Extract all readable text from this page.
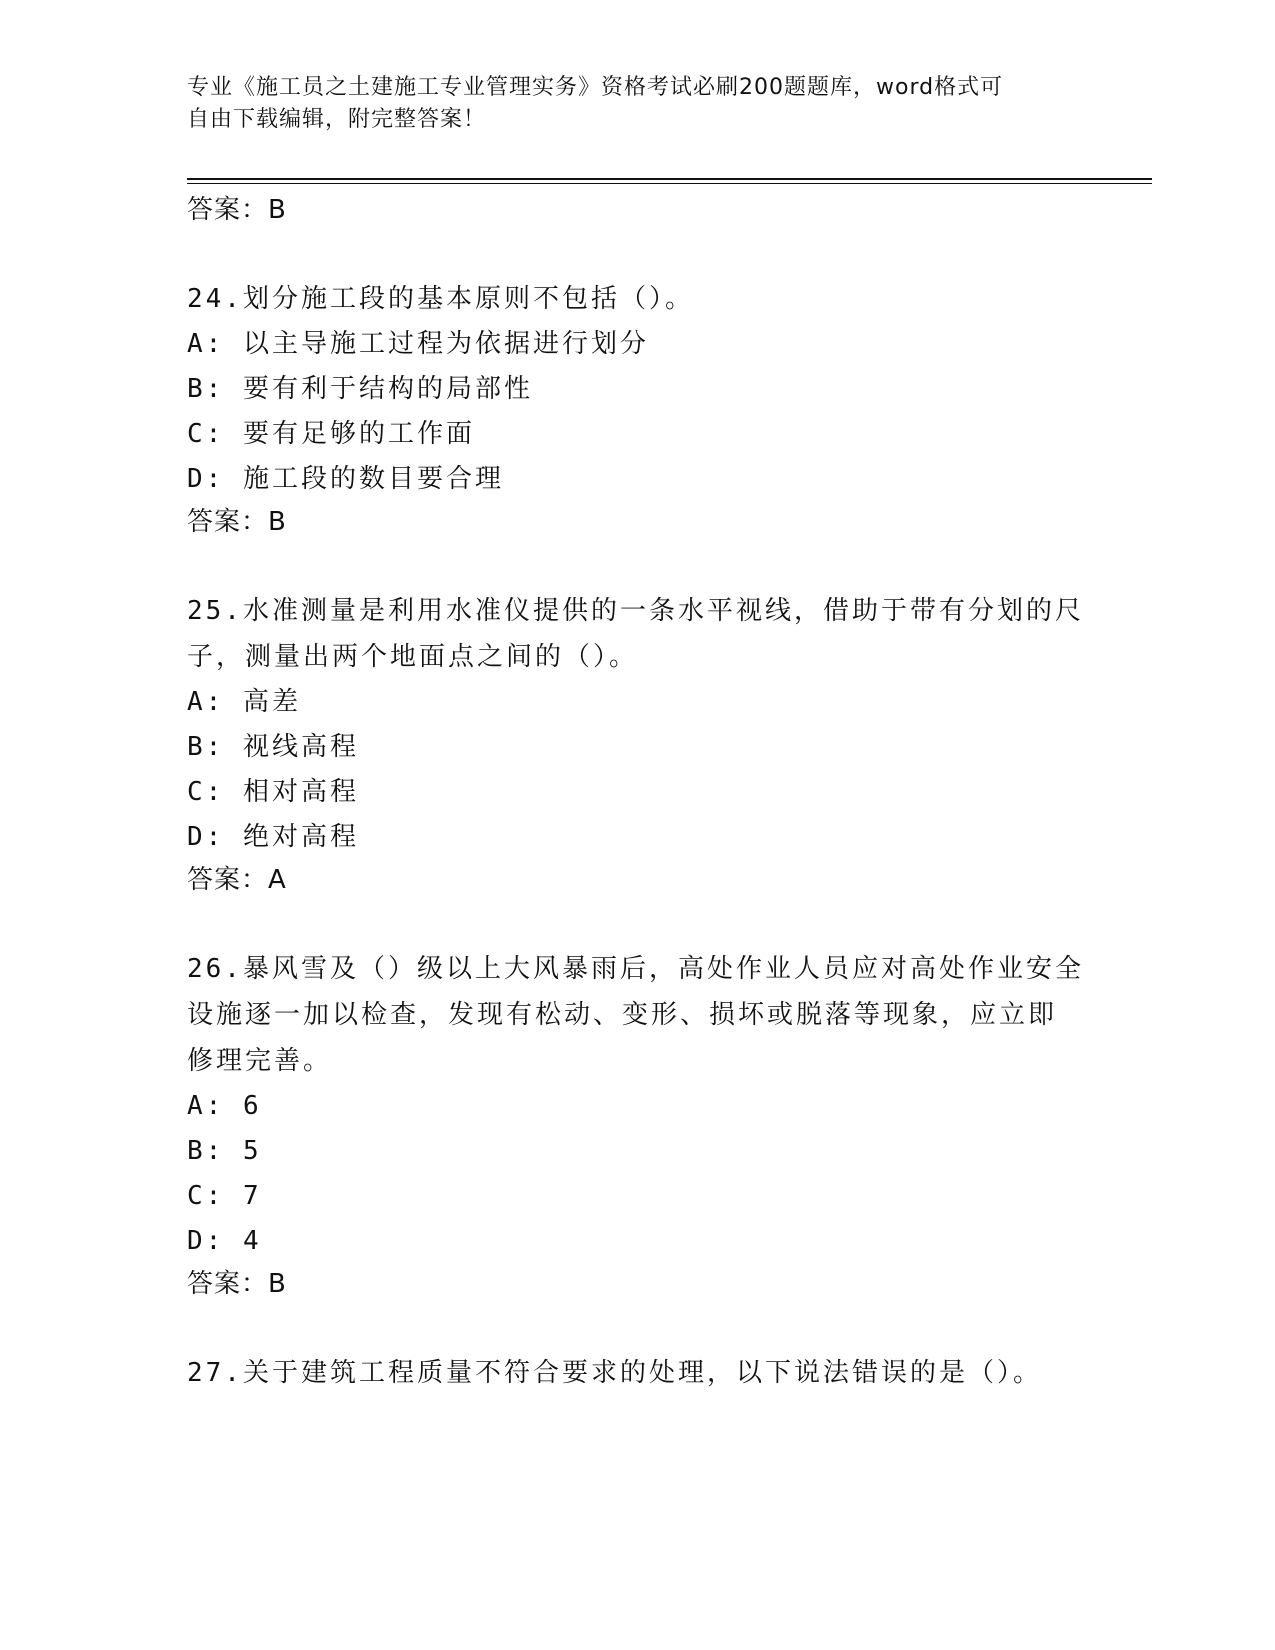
专业《施工员之土建施工专业管理实务》资格考试必刷200题题库，word格式可
自由下载编辑，附完整答案！
答案：B
24.划分施工段的基本原则不包括（）。
A: 以主导施工过程为依据进行划分
B: 要有利于结构的局部性
C: 要有足够的工作面
D: 施工段的数目要合理
答案：B
25.水准测量是利用水准仪提供的一条水平视线，借助于带有分划的尺
子，测量出两个地面点之间的（）。
A: 高差
B: 视线高程
C: 相对高程
D: 绝对高程
答案：A
26.暴风雪及（）级以上大风暴雨后，高处作业人员应对高处作业安全
设施逐一加以检查，发现有松动、变形、损坏或脱落等现象，应立即
修理完善。
A: 6
B: 5
C: 7
D: 4
答案：B
27.关于建筑工程质量不符合要求的处理，以下说法错误的是（）。
